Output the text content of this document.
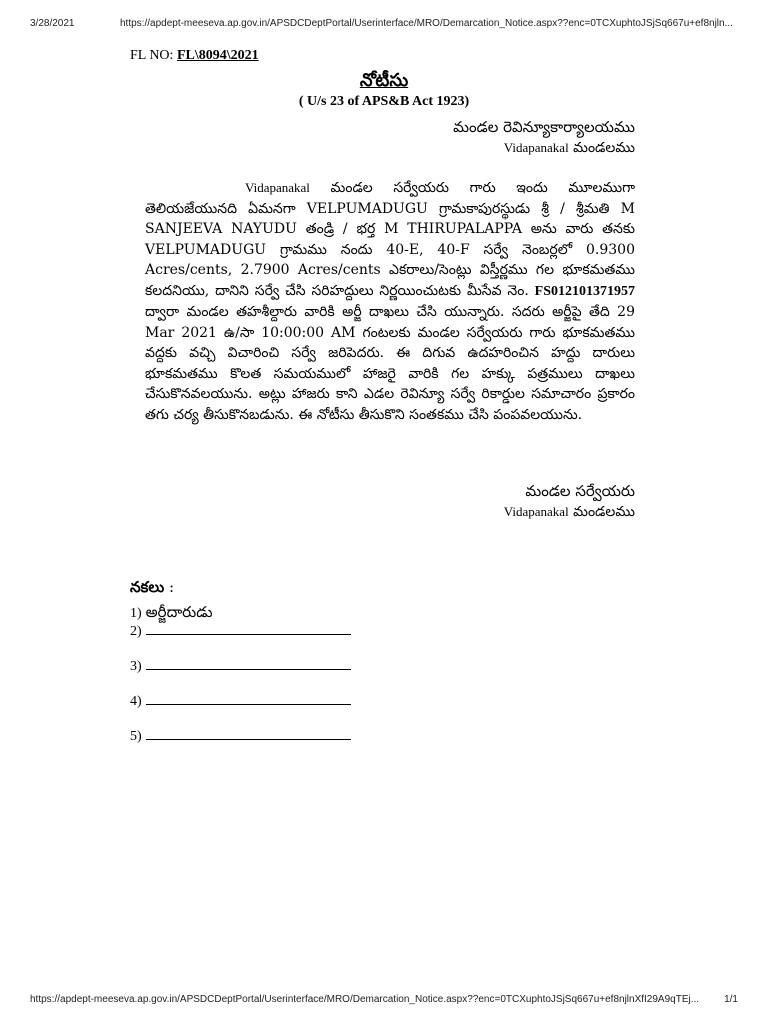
3/28/2021	https://apdept-meeseva.ap.gov.in/APSDCDeptPortal/Userinterface/MRO/Demarcation_Notice.aspx??enc=0TCXuphtoJSjSq667u+ef8njln...
FL NO: FL\8094\2021
నోటీసు
( U/s 23 of APS&B Act 1923)
మండల రెవిన్యూకార్యాలయము
Vidapanakal మండలము
Vidapanakal మండల సర్వేయరు గారు ఇందు మూలముగా తెలియజేయునది ఏమనగా VELPUMADUGU గ్రామకాపురస్థుడు శ్రీ / శ్రీమతి M SANJEEVA NAYUDU తండ్రి / భర్త M THIRUPALAPPA అను వారు తనకు VELPUMADUGU గ్రామము నందు 40-E, 40-F సర్వే నెంబర్లలో 0.9300 Acres/cents, 2.7900 Acres/cents ఎకరాలు/సెంట్లు విస్తీర్ణము గల భూకమతము కలదనియు, దానిని సర్వే చేసి సరిహద్దులు నిర్ణయించుటకు మీసేవ నెం. FS012101371957 ద్వారా మండల తహశీల్దారు వారికి అర్జీ దాఖలు చేసి యున్నారు. సదరు అర్జీపై తేది 29 Mar 2021 ఉ/సా 10:00:00 AM గంటలకు మండల సర్వేయరు గారు భూకమతము వద్దకు వచ్చి విచారించి సర్వే జరిపెదరు. ఈ దిగువ ఉదహరించిన హద్దు దారులు భూకమతము కొలత సమయములో హాజరై వారికి గల హక్కు పత్రములు దాఖలు చేసుకొనవలయును. అట్లు హాజరు కాని ఎడల రెవిన్యూ సర్వే రికార్డుల సమాచారం ప్రకారం తగు చర్య తీసుకొనబడును. ఈ నోటీసు తీసుకొని సంతకము చేసి పంపవలయును.
మండల సర్వేయరు
Vidapanakal మండలము
నకలు :
1) అర్జీదారుడు
2)
3)
4)
5)
https://apdept-meeseva.ap.gov.in/APSDCDeptPortal/Userinterface/MRO/Demarcation_Notice.aspx??enc=0TCXuphtoJSjSq667u+ef8njlnXfI29A9qTEj...	1/1
